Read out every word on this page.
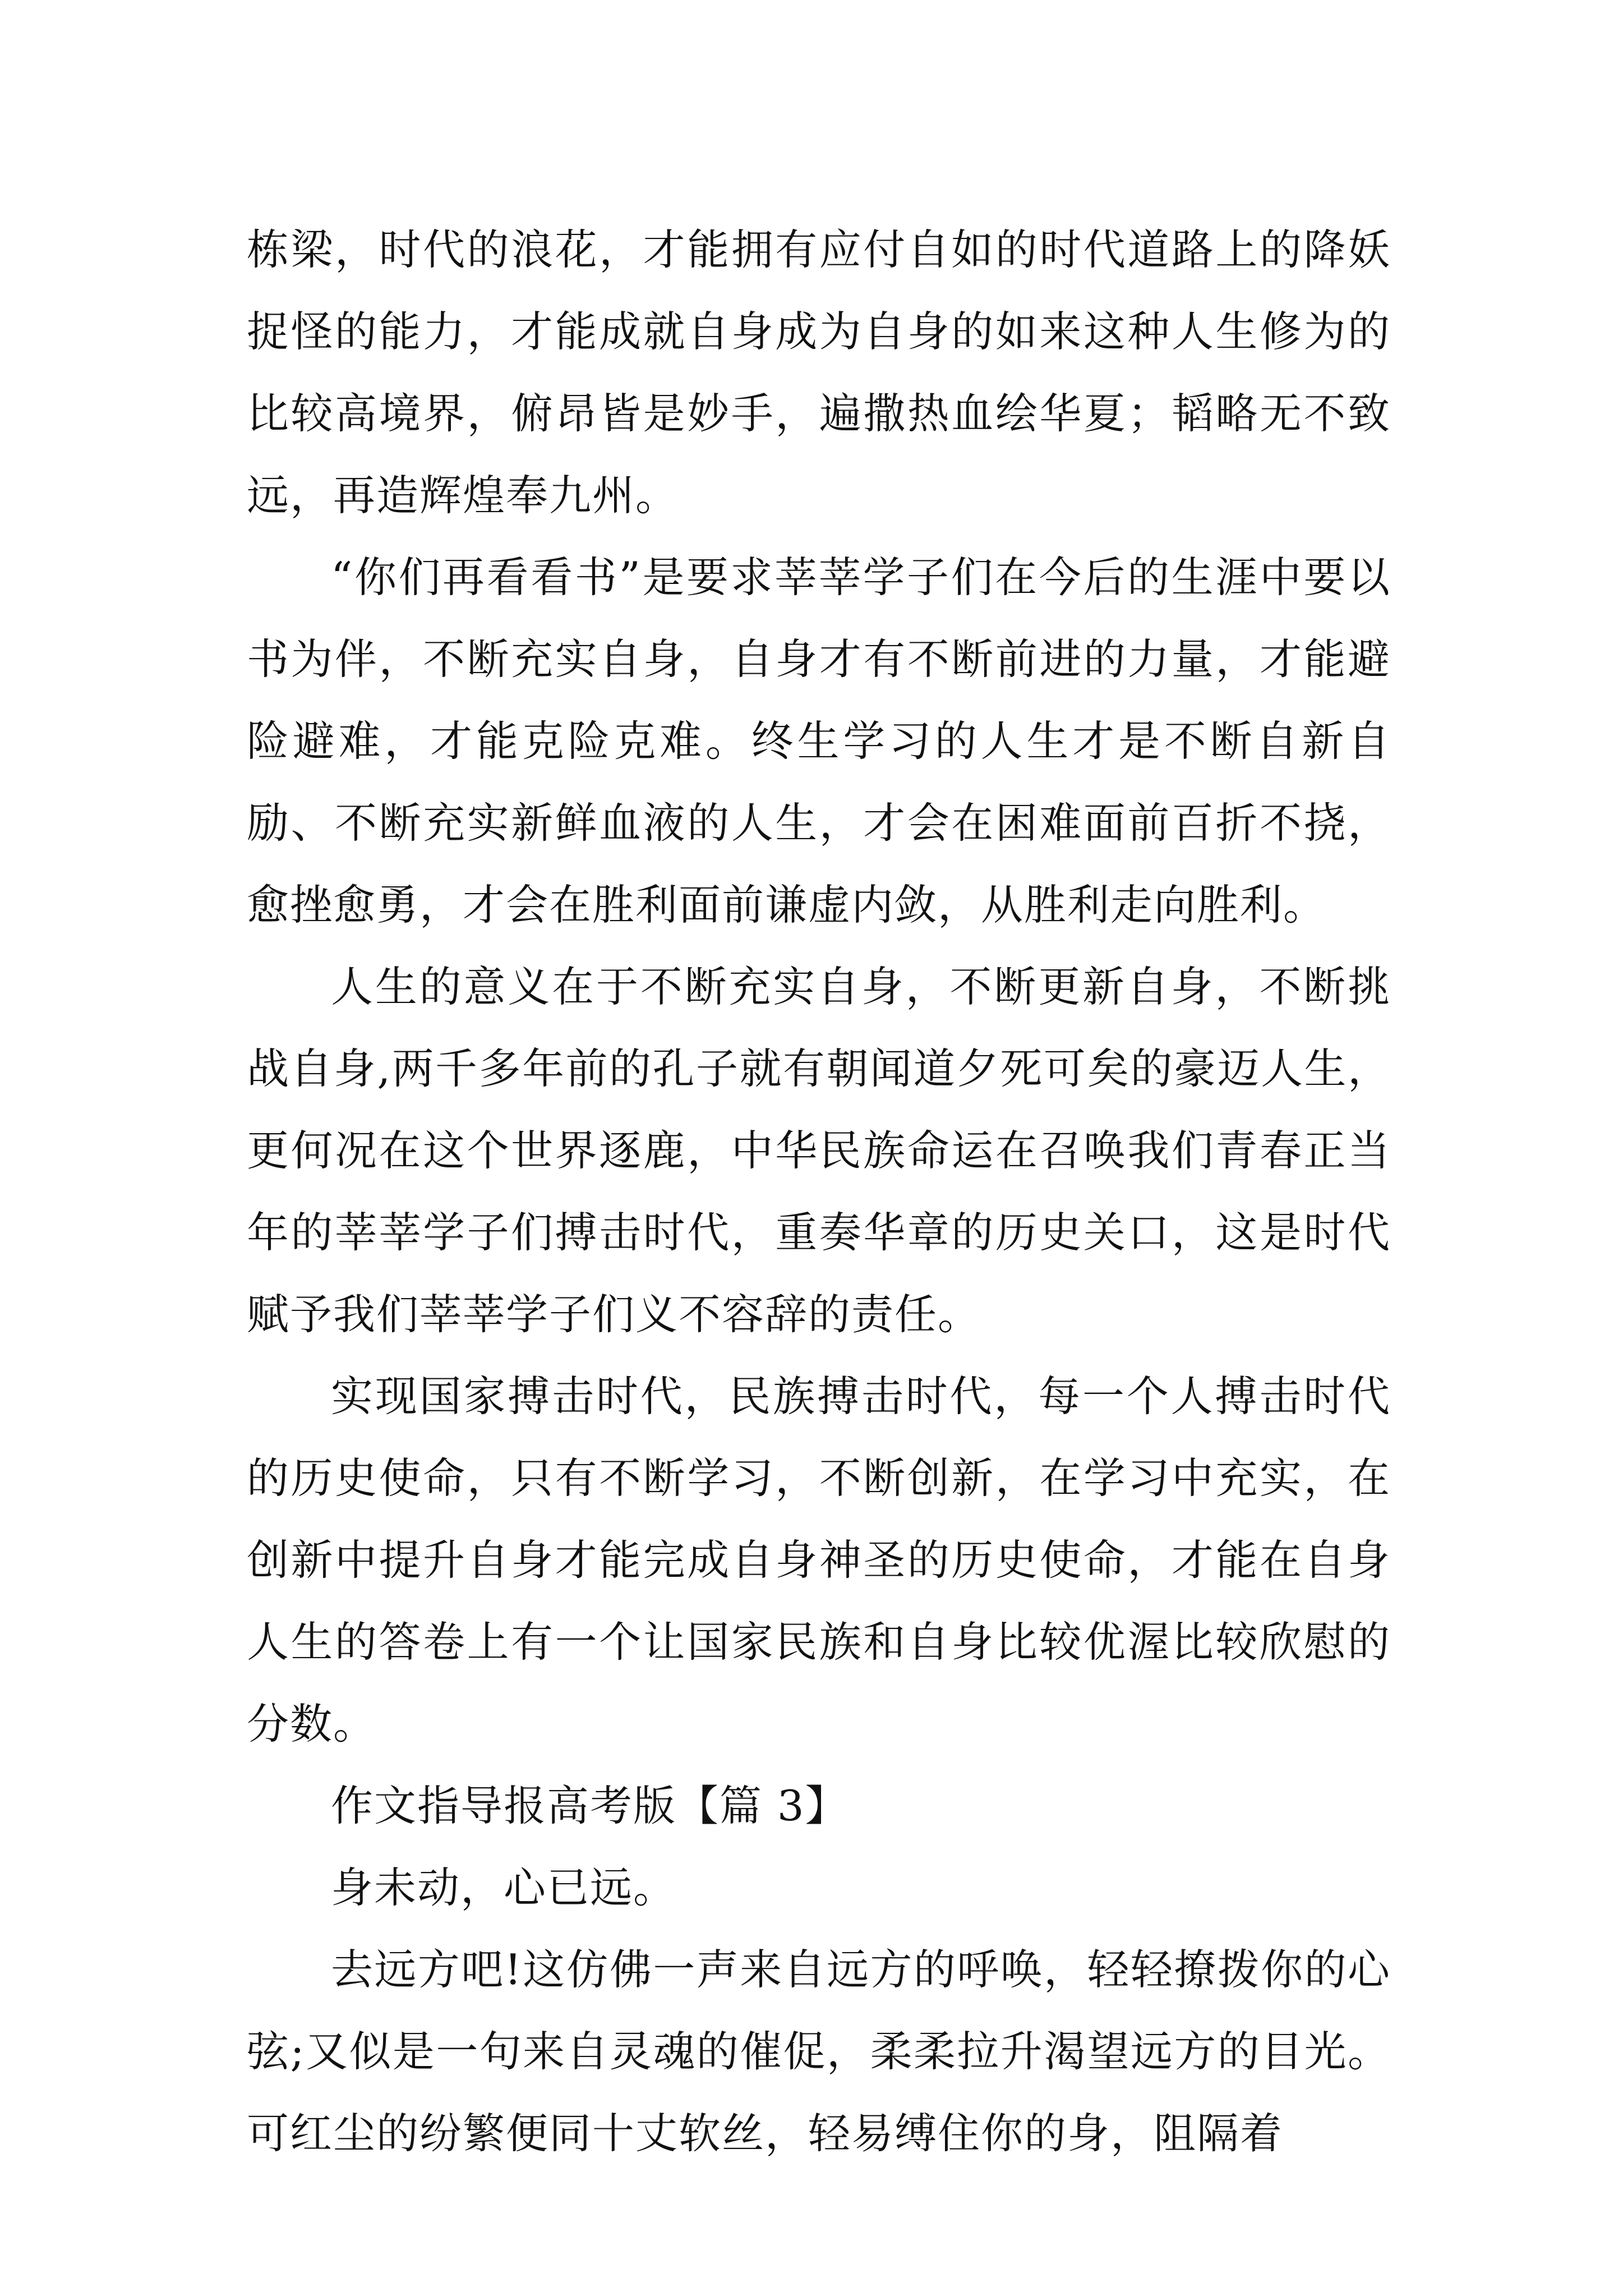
栋梁，时代的浪花，才能拥有应付自如的时代道路上的降妖捉怪的能力，才能成就自身成为自身的如来这种人生修为的比较高境界，俯昂皆是妙手，遍撒热血绘华夏；韬略无不致远，再造辉煌奉九州。

“你们再看看书”是要求莘莘学子们在今后的生涯中要以书为伴，不断充实自身，自身才有不断前进的力量，才能避险避难，才能克险克难。终生学习的人生才是不断自新自励、不断充实新鲜血液的人生，才会在困难面前百折不挠，愈挫愈勇，才会在胜利面前谦虚内敛，从胜利走向胜利。

人生的意义在于不断充实自身，不断更新自身，不断挑战自身,两千多年前的孔子就有朝闻道夕死可矣的豪迈人生，更何况在这个世界逐鹿，中华民族命运在召唤我们青春正当年的莘莘学子们搏击时代，重奏华章的历史关口，这是时代赋予我们莘莘学子们义不容辞的责任。

实现国家搏击时代，民族搏击时代，每一个人搏击时代的历史使命，只有不断学习，不断创新，在学习中充实，在创新中提升自身才能完成自身神圣的历史使命，才能在自身人生的答卷上有一个让国家民族和自身比较优渥比较欣慰的分数。

作文指导报高考版【篇 3】

身未动，心已远。

去远方吧!这仿佛一声来自远方的呼唤，轻轻撩拨你的心弦;又似是一句来自灵魂的催促，柔柔拉升渴望远方的目光。可红尘的纷繁便同十丈软丝，轻易缚住你的身，阻隔着
